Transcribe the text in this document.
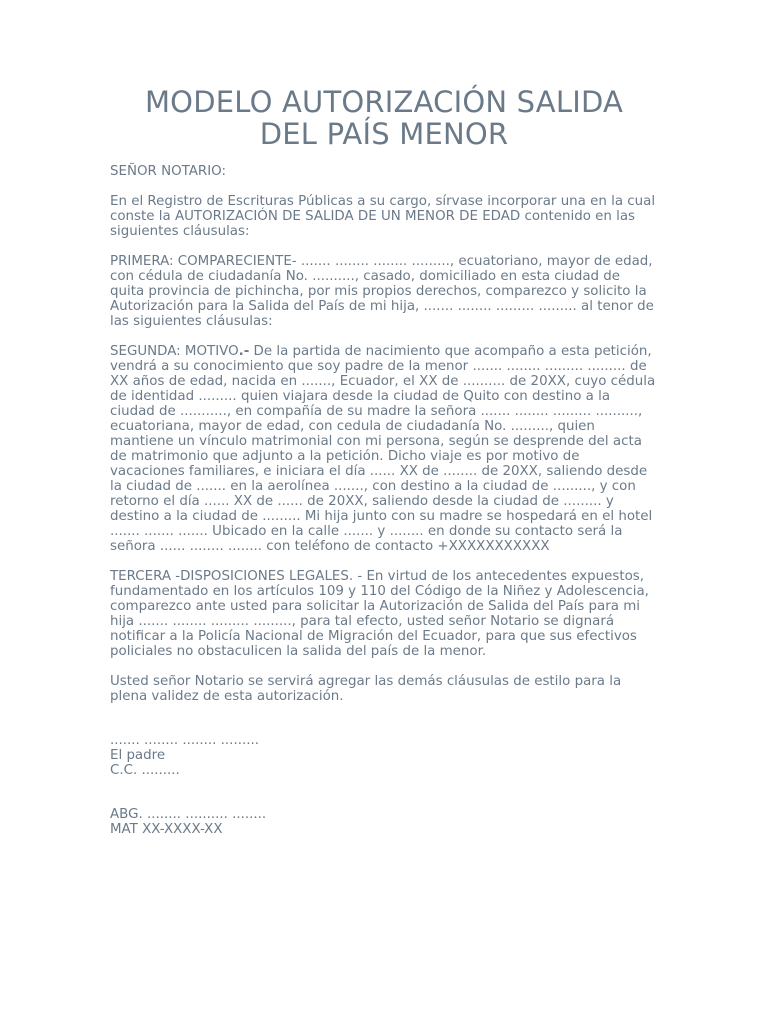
MODELO AUTORIZACIÓN SALIDA
DEL PAÍS MENOR

SEÑOR NOTARIO:

En el Registro de Escrituras Públicas a su cargo, sírvase incorporar una en la cual conste la AUTORIZACIÓN DE SALIDA DE UN MENOR DE EDAD contenido en las siguientes cláusulas:

PRIMERA: COMPARECIENTE- ....... ........ ........ ........., ecuatoriano, mayor de edad, con cédula de ciudadanía No. .........., casado, domiciliado en esta ciudad de quita provincia de pichincha, por mis propios derechos, comparezco y solicito la Autorización para la Salida del País de mi hija, ....... ........ ......... ......... al tenor de las siguientes cláusulas:

SEGUNDA: MOTIVO.- De la partida de nacimiento que acompaño a esta petición, vendrá a su conocimiento que soy padre de la menor ....... ........ ......... ......... de XX años de edad, nacida en ......., Ecuador, el XX de .......... de 20XX, cuyo cédula de identidad ......... quien viajara desde la ciudad de Quito con destino a la ciudad de ..........., en compañía de su madre la señora ....... ........ ......... .........., ecuatoriana, mayor de edad, con cedula de ciudadanía No. ........., quien mantiene un vínculo matrimonial con mi persona, según se desprende del acta de matrimonio que adjunto a la petición. Dicho viaje es por motivo de vacaciones familiares, e iniciara el día ...... XX de ........ de 20XX, saliendo desde la ciudad de ....... en la aerolínea ......., con destino a la ciudad de ........., y con retorno el día ...... XX de ...... de 20XX, saliendo desde la ciudad de ......... y destino a la ciudad de ......... Mi hija junto con su madre se hospedará en el hotel ....... ....... ....... Ubicado en la calle ....... y ........ en donde su contacto será la señora ...... ........ ........ con teléfono de contacto +XXXXXXXXXXX

TERCERA -DISPOSICIONES LEGALES. - En virtud de los antecedentes expuestos, fundamentado en los artículos 109 y 110 del Código de la Niñez y Adolescencia, comparezco ante usted para solicitar la Autorización de Salida del País para mi hija ....... ........ ......... ........., para tal efecto, usted señor Notario se dignará notificar a la Policía Nacional de Migración del Ecuador, para que sus efectivos policiales no obstaculicen la salida del país de la menor.

Usted señor Notario se servirá agregar las demás cláusulas de estilo para la plena validez de esta autorización.

....... ........ ........ .........
El padre
C.C. .........
ABG. ........ .......... ........
MAT XX-XXXX-XX
